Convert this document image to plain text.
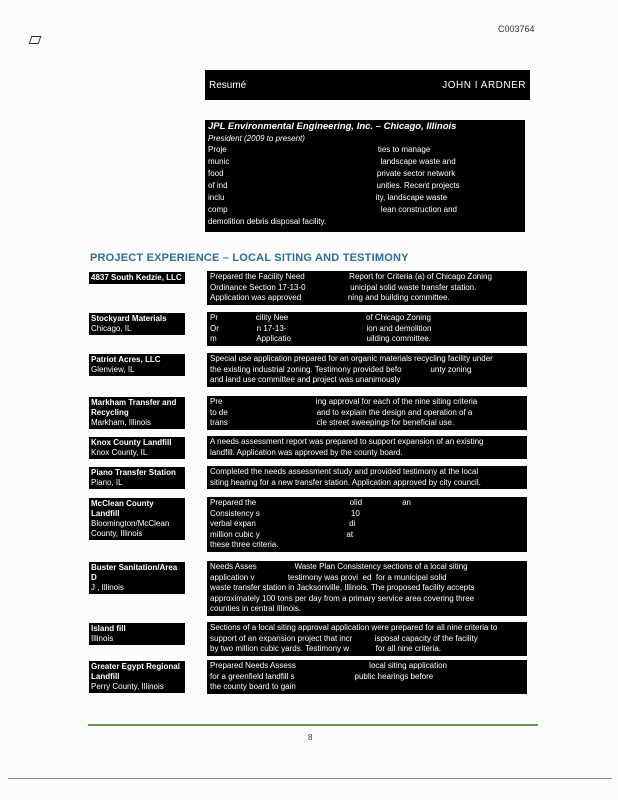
C003764
Resumé	JOHN I ARDNER
JPL Environmental Engineering, Inc. – Chicago, Illinois
President (2009 to present)
Proje                                                                    ties to manage
munic                                                                    landscape waste and
food                                                                     private sector network
of ind                                                                   unities. Recent projects
inclu                                                                    ity, landscape waste
comp                                                                     lean construction and
demolition debris disposal facility.
PROJECT EXPERIENCE – LOCAL SITING AND TESTIMONY
4837 South Kedzie, LLC	Prepared the Facility Need                    Report for Criteria (a) of Chicago Zoning
Ordinance Section 17-13-0                    unicipal solid waste transfer station.
Application was approved                     ning and building committee.
Stockyard Materials
Chicago, IL
Pr                 cility Nee                                   of Chicago Zoning
Or                 n 17-13-                                    ion and demolition
m                  Applicatio                                  uilding committee.
Patriot Acres, LLC
Glenview, IL
Special use application prepared for an organic materials recycling facility under
the existing industrial zoning. Testimony provided befo             unty zoning
and land use committee and project was unanimously
Markham Transfer and Recycling
Markham, Illinois
Pre                                          ing approval for each of the nine siting criteria
to de                                        and to explain the design and operation of a
trans                                        cle street sweepings for beneficial use.
Knox County Landfill
Knox County, IL
A needs assessment report was prepared to support expansion of an existing
landfill. Application was approved by the county board.
Piano Transfer Station
Piano, IL
Completed the needs assessment study and provided testimony at the local
siting hearing for a new transfer station. Application approved by city council.
McClean County Landfill
Bloomington/McClean County, Illinois
Prepared the                                          olid                  an
Consistency s                                         10
verbal expan                                          di
million cubic y                                       at
these three criteria.
Buster Sanitation/Area D
J , Illinois
Needs Asses                 Waste Plan Consistency sections of a local siting
application v               testimony was provi  ed  for a municipal solid
waste transfer station in Jacksonville, Illinois. The proposed facility accepts
approximately 100 tons per day from a primary service area covering three
counties in central Illinois.
Island fill
Illinois
Sections of a local siting approval application were prepared for all nine criteria to
support of an expansion project that incr          isposal capacity of the facility
by two million cubic yards. Testimony w            for all nine criteria.
Greater Egypt Regional Landfill
Perry County, Illinois
Prepared Needs Assess                                 local siting application
for a greenfield landfill s                           public hearings before
the county board to gain
8
